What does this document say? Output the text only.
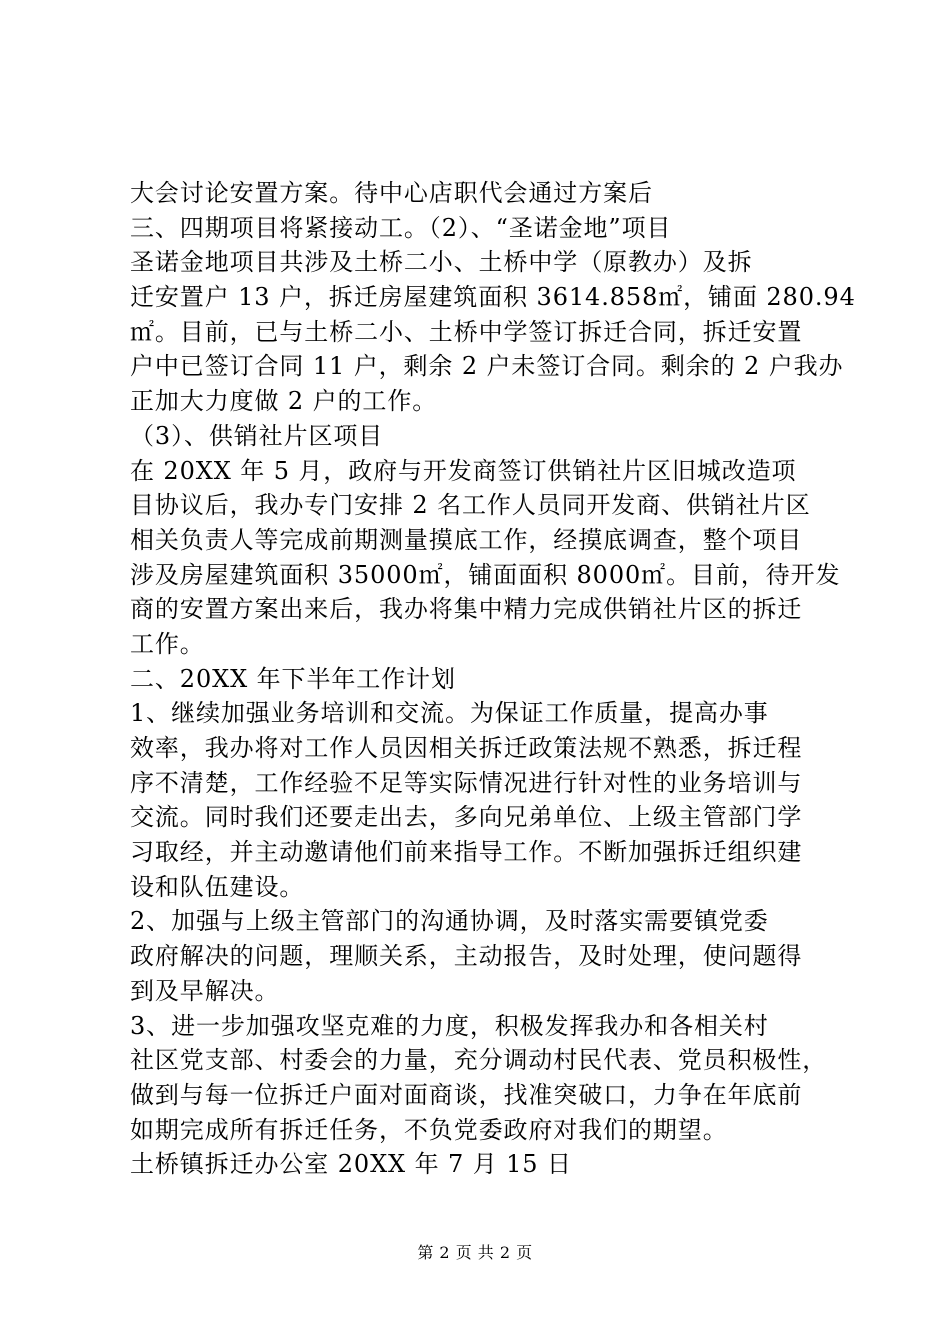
大会讨论安置方案。待中心店职代会通过方案后
三、四期项目将紧接动工。（2）、“圣诺金地”项目
圣诺金地项目共涉及土桥二小、土桥中学（原教办）及拆
迁安置户 13 户，拆迁房屋建筑面积 3614.858㎡，铺面 280.94
㎡。目前，已与土桥二小、土桥中学签订拆迁合同，拆迁安置
户中已签订合同 11 户，剩余 2 户未签订合同。剩余的 2 户我办
正加大力度做 2 户的工作。
（3）、供销社片区项目
在 20XX 年 5 月，政府与开发商签订供销社片区旧城改造项
目协议后，我办专门安排 2 名工作人员同开发商、供销社片区
相关负责人等完成前期测量摸底工作，经摸底调查，整个项目
涉及房屋建筑面积 35000㎡，铺面面积 8000㎡。目前，待开发
商的安置方案出来后，我办将集中精力完成供销社片区的拆迁
工作。
二、20XX 年下半年工作计划
1、继续加强业务培训和交流。为保证工作质量，提高办事
效率，我办将对工作人员因相关拆迁政策法规不熟悉，拆迁程
序不清楚，工作经验不足等实际情况进行针对性的业务培训与
交流。同时我们还要走出去，多向兄弟单位、上级主管部门学
习取经，并主动邀请他们前来指导工作。不断加强拆迁组织建
设和队伍建设。
2、加强与上级主管部门的沟通协调，及时落实需要镇党委
政府解决的问题，理顺关系，主动报告，及时处理，使问题得
到及早解决。
3、进一步加强攻坚克难的力度，积极发挥我办和各相关村
社区党支部、村委会的力量，充分调动村民代表、党员积极性，
做到与每一位拆迁户面对面商谈，找准突破口，力争在年底前
如期完成所有拆迁任务，不负党委政府对我们的期望。
土桥镇拆迁办公室 20XX 年 7 月 15 日
第 2 页 共 2 页
